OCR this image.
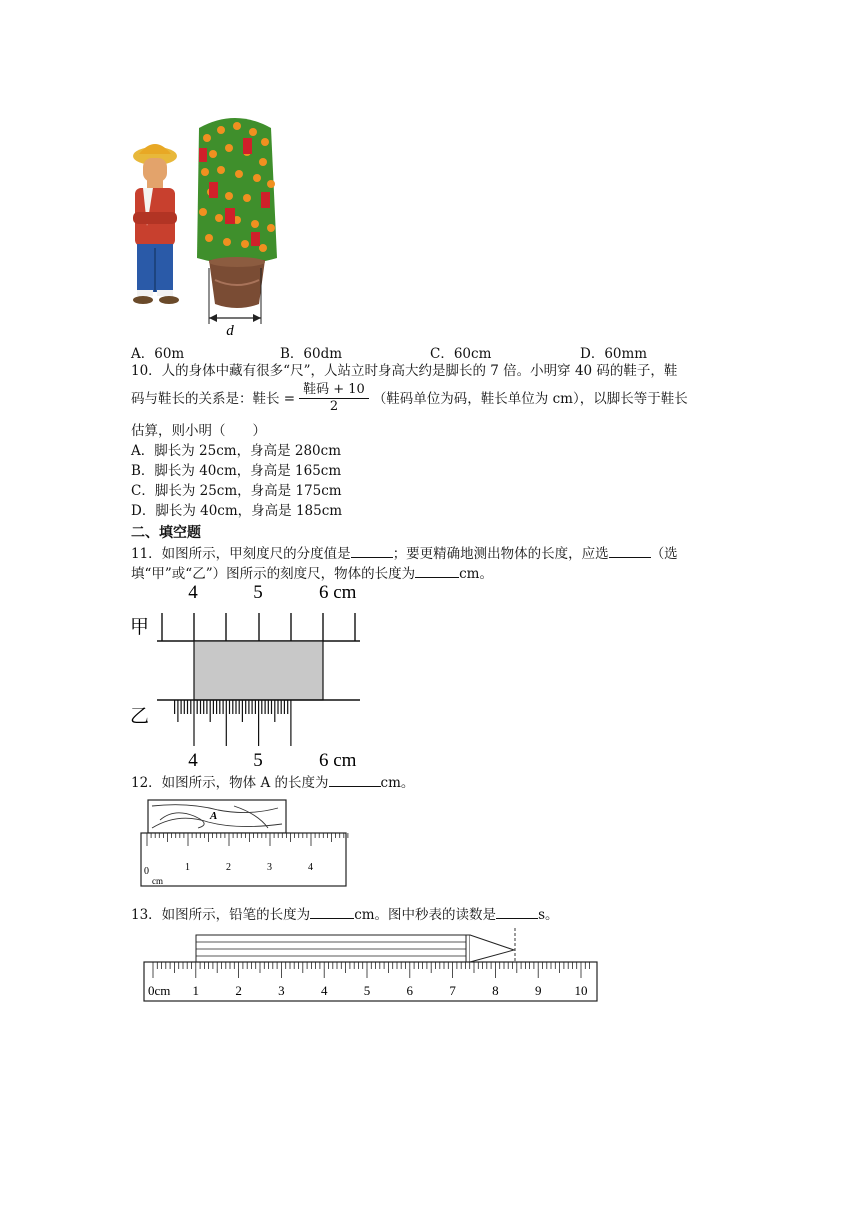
d
A．60m	B．60dm	C．60cm	D．60mm
10．人的身体中藏有很多“尺”，人站立时身高大约是脚长的 7 倍。小明穿 40 码的鞋子，鞋
码与鞋长的关系是：鞋长 = $\frac{\text{鞋码 + 10}}{2}$ （鞋码单位为码，鞋长单位为 cm），以脚长等于鞋长
估算，则小明（　　）
A．脚长为 25cm，身高是 280cm
B．脚长为 40cm，身高是 165cm
C．脚长为 25cm，身高是 175cm
D．脚长为 40cm，身高是 185cm
二、填空题
11．如图所示，甲刻度尺的分度值是	；要更精确地测出物体的长度，应选	（选
填“甲”或“乙”）图所示的刻度尺，物体的长度为	cm。
4	5	6 cm
甲
4	5	6 cm
乙
12．如图所示，物体 A 的长度为	cm。
A
0	1	2	3	4
cm
13．如图所示，铅笔的长度为	cm。图中秒表的读数是	s。
0cm 1	2	3	4	5	6	7	8	9	10
